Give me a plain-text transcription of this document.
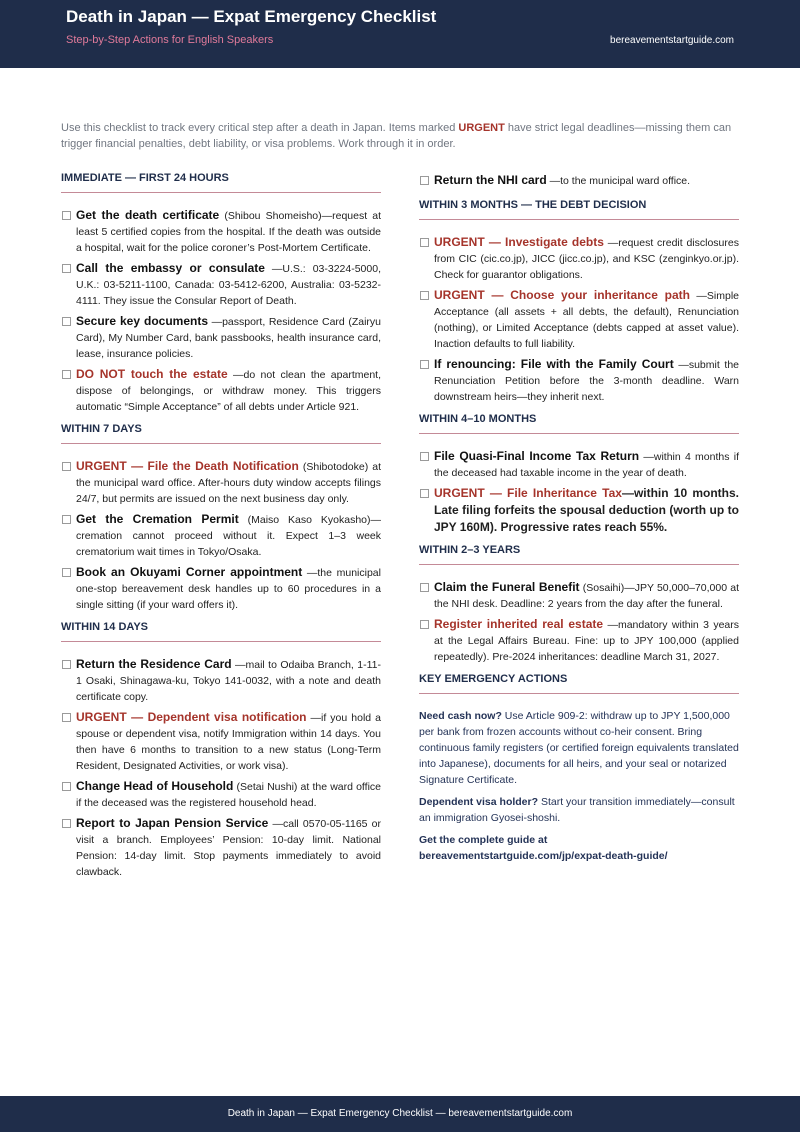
Death in Japan — Expat Emergency Checklist
Step-by-Step Actions for English Speakers	bereavementstartguide.com
Use this checklist to track every critical step after a death in Japan. Items marked URGENT have strict legal deadlines—missing them can trigger financial penalties, debt liability, or visa problems. Work through it in order.
IMMEDIATE — FIRST 24 HOURS
Get the death certificate (Shibou Shomeisho)—request at least 5 certified copies from the hospital. If the death was outside a hospital, wait for the police coroner’s Post-Mortem Certificate.
Call the embassy or consulate —U.S.: 03-3224-5000, U.K.: 03-5211-1100, Canada: 03-5412-6200, Australia: 03-5232-4111. They issue the Consular Report of Death.
Secure key documents —passport, Residence Card (Zairyu Card), My Number Card, bank passbooks, health insurance card, lease, insurance policies.
DO NOT touch the estate —do not clean the apartment, dispose of belongings, or withdraw money. This triggers automatic “Simple Acceptance” of all debts under Article 921.
WITHIN 7 DAYS
URGENT — File the Death Notification (Shibotodoke) at the municipal ward office. After-hours duty window accepts filings 24/7, but permits are issued on the next business day only.
Get the Cremation Permit (Maiso Kaso Kyokasho)—cremation cannot proceed without it. Expect 1–3 week crematorium wait times in Tokyo/Osaka.
Book an Okuyami Corner appointment —the municipal one-stop bereavement desk handles up to 60 procedures in a single sitting (if your ward offers it).
WITHIN 14 DAYS
Return the Residence Card —mail to Odaiba Branch, 1-11-1 Osaki, Shinagawa-ku, Tokyo 141-0032, with a note and death certificate copy.
URGENT — Dependent visa notification —if you hold a spouse or dependent visa, notify Immigration within 14 days. You then have 6 months to transition to a new status (Long-Term Resident, Designated Activities, or work visa).
Change Head of Household (Setai Nushi) at the ward office if the deceased was the registered household head.
Report to Japan Pension Service —call 0570-05-1165 or visit a branch. Employees’ Pension: 10-day limit. National Pension: 14-day limit. Stop payments immediately to avoid clawback.
Return the NHI card —to the municipal ward office.
WITHIN 3 MONTHS — THE DEBT DECISION
URGENT — Investigate debts —request credit disclosures from CIC (cic.co.jp), JICC (jicc.co.jp), and KSC (zenginkyo.or.jp). Check for guarantor obligations.
URGENT — Choose your inheritance path —Simple Acceptance (all assets + all debts, the default), Renunciation (nothing), or Limited Acceptance (debts capped at asset value). Inaction defaults to full liability.
If renouncing: File with the Family Court —submit the Renunciation Petition before the 3-month deadline. Warn downstream heirs—they inherit next.
WITHIN 4–10 MONTHS
File Quasi-Final Income Tax Return —within 4 months if the deceased had taxable income in the year of death.
URGENT — File Inheritance Tax—within 10 months. Late filing forfeits the spousal deduction (worth up to JPY 160M). Progressive rates reach 55%.
WITHIN 2–3 YEARS
Claim the Funeral Benefit (Sosaihi)—JPY 50,000–70,000 at the NHI desk. Deadline: 2 years from the day after the funeral.
Register inherited real estate —mandatory within 3 years at the Legal Affairs Bureau. Fine: up to JPY 100,000 (applied repeatedly). Pre-2024 inheritances: deadline March 31, 2027.
KEY EMERGENCY ACTIONS

Need cash now? Use Article 909-2: withdraw up to JPY 1,500,000 per bank from frozen accounts without co-heir consent. Bring continuous family registers (or certified foreign equivalents translated into Japanese), documents for all heirs, and your seal or notarized Signature Certificate.

Dependent visa holder? Start your transition immediately—consult an immigration Gyosei-shoshi.

Get the complete guide at
bereavementstartguide.com/jp/expat-death-guide/

Death in Japan — Expat Emergency Checklist — bereavementstartguide.com
